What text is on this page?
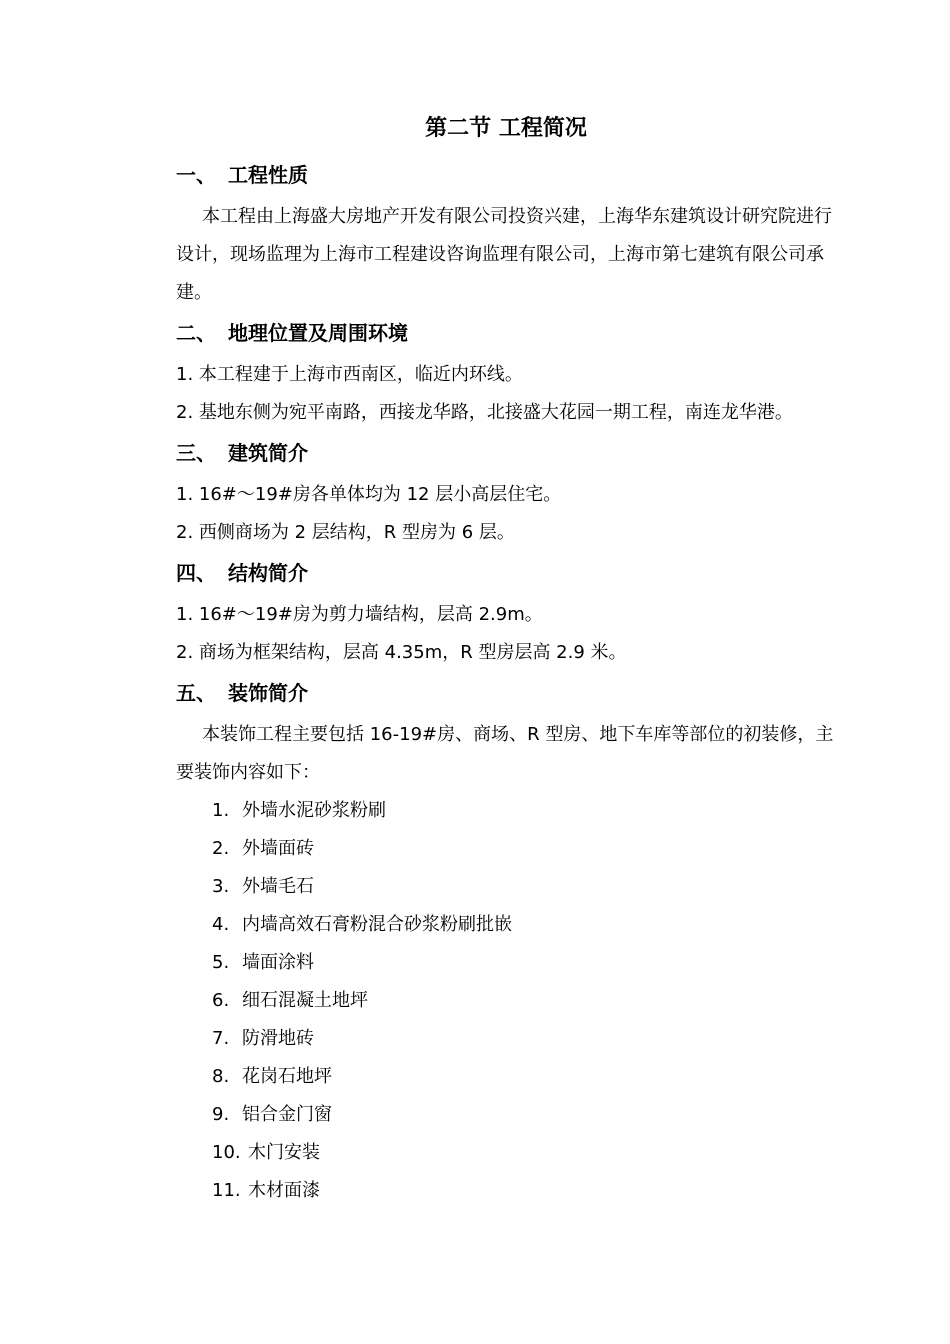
第二节 工程简况
一、 工程性质

本工程由上海盛大房地产开发有限公司投资兴建，上海华东建筑设计研究院进行设计，现场监理为上海市工程建设咨询监理有限公司，上海市第七建筑有限公司承建。

二、 地理位置及周围环境

1. 本工程建于上海市西南区，临近内环线。

2. 基地东侧为宛平南路，西接龙华路，北接盛大花园一期工程，南连龙华港。

三、 建筑简介

1. 16#～19#房各单体均为 12 层小高层住宅。

2. 西侧商场为 2 层结构，R 型房为 6 层。

四、 结构简介

1. 16#～19#房为剪力墙结构，层高 2.9m。

2. 商场为框架结构，层高 4.35m，R 型房层高 2.9 米。

五、 装饰简介

本装饰工程主要包括 16-19#房、商场、R 型房、地下车库等部位的初装修，主要装饰内容如下：

1. 外墙水泥砂浆粉刷

2. 外墙面砖

3. 外墙毛石

4. 内墙高效石膏粉混合砂浆粉刷批嵌

5. 墙面涂料

6. 细石混凝土地坪

7. 防滑地砖

8. 花岗石地坪

9. 铝合金门窗

10. 木门安装

11. 木材面漆
